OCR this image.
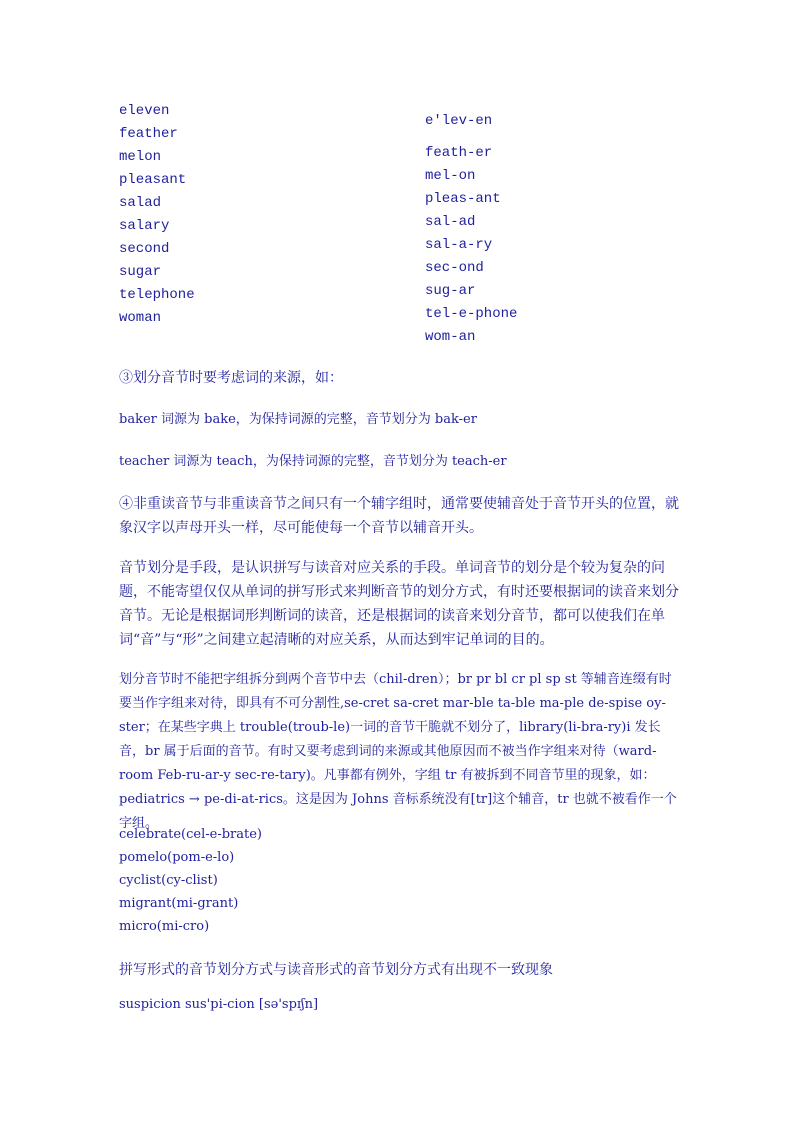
eleven
feather
melon
pleasant
salad
salary
second
sugar
telephone
woman
e'lev-en
feath-er
mel-on
pleas-ant
sal-ad
sal-a-ry
sec-ond
sug-ar
tel-e-phone
wom-an

③划分音节时要考虑词的来源，如：

baker 词源为 bake，为保持词源的完整，音节划分为 bak-er

teacher 词源为 teach，为保持词源的完整，音节划分为 teach-er

④非重读音节与非重读音节之间只有一个辅字组时，通常要使辅音处于音节开头的位置，就象汉字以声母开头一样，尽可能使每一个音节以辅音开头。

音节划分是手段，是认识拼写与读音对应关系的手段。单词音节的划分是个较为复杂的问题，不能寄望仅仅从单词的拼写形式来判断音节的划分方式，有时还要根据词的读音来划分音节。无论是根据词形判断词的读音，还是根据词的读音来划分音节，都可以使我们在单词“音”与“形”之间建立起清晰的对应关系，从而达到牢记单词的目的。

划分音节时不能把字组拆分到两个音节中去（chil-dren）；br pr bl cr pl sp st 等辅音连缀有时要当作字组来对待，即具有不可分割性,se-cret sa-cret mar-ble ta-ble ma-ple de-spise oy-ster；在某些字典上 trouble(troub-le)一词的音节干脆就不划分了，library(li-bra-ry)i 发长音，br 属于后面的音节。有时又要考虑到词的来源或其他原因而不被当作字组来对待（ward-room Feb-ru-ar-y sec-re-tary)。凡事都有例外，字组 tr 有被拆到不同音节里的现象，如：pediatrics → pe-di-at-rics。这是因为 Johns 音标系统没有[tr]这个辅音，tr 也就不被看作一个字组。

celebrate(cel-e-brate)
pomelo(pom-e-lo)
cyclist(cy-clist)
migrant(mi-grant)
micro(mi-cro)

拼写形式的音节划分方式与读音形式的音节划分方式有出现不一致现象

suspicion sus'pi-cion [sə'spɪʃn]
